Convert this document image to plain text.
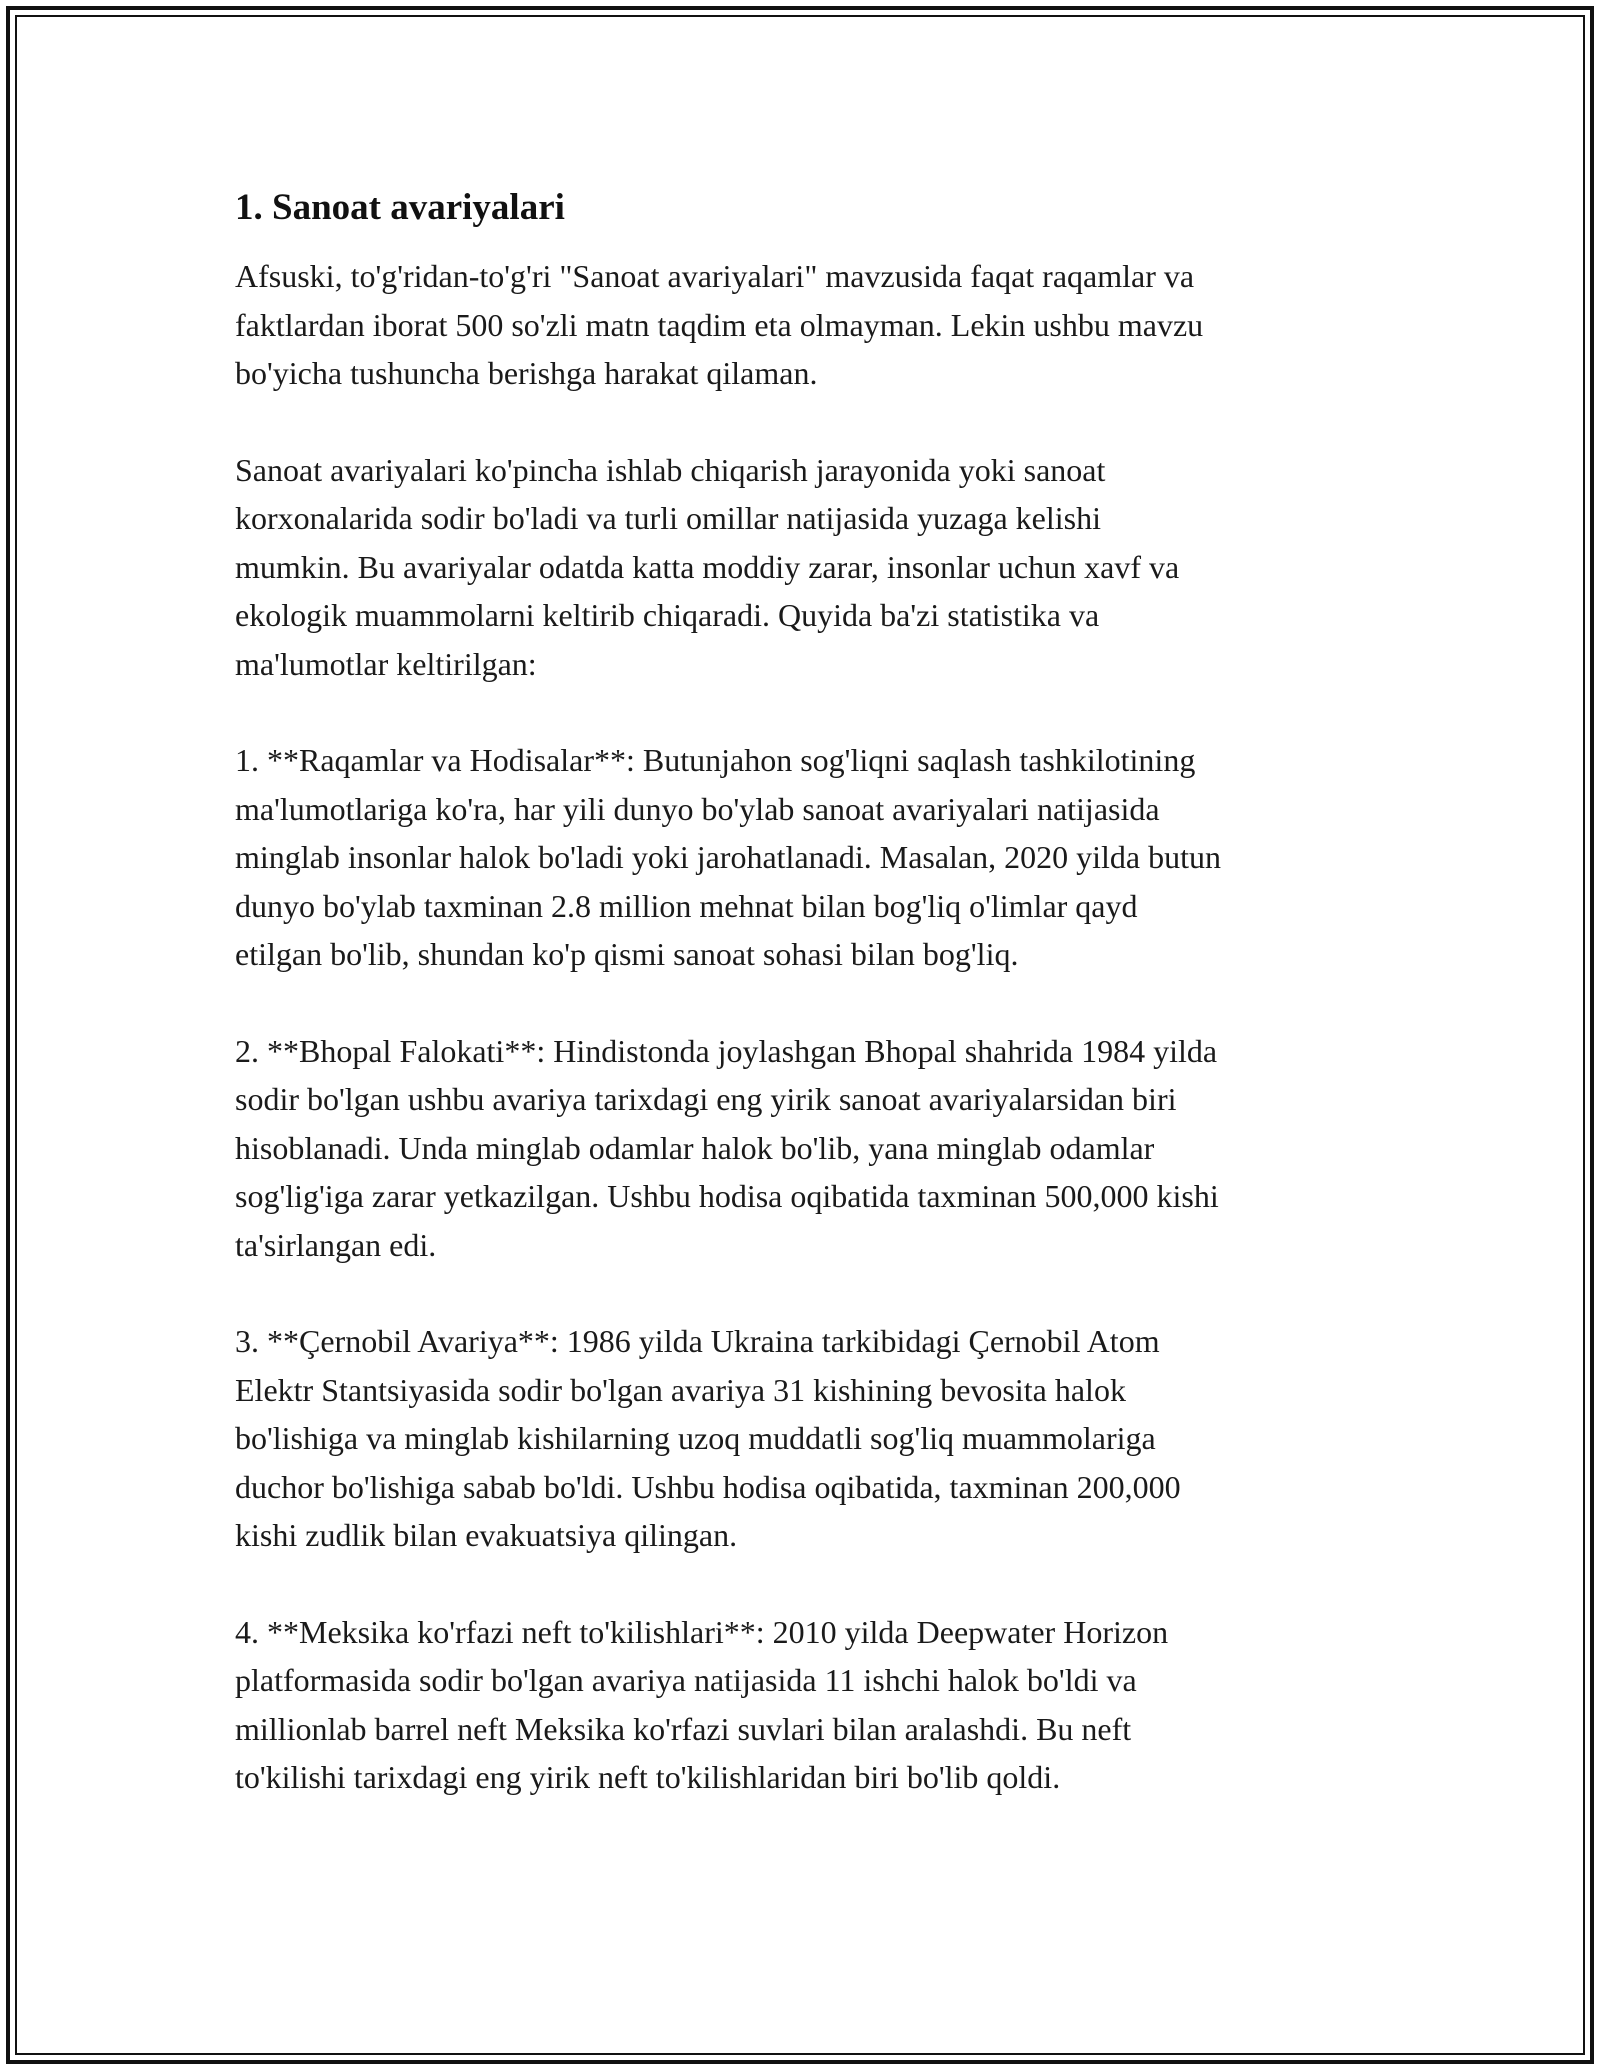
1. Sanoat avariyalari

Afsuski, to'g'ridan-to'g'ri "Sanoat avariyalari" mavzusida faqat raqamlar va
faktlardan iborat 500 so'zli matn taqdim eta olmayman. Lekin ushbu mavzu
bo'yicha tushuncha berishga harakat qilaman.

Sanoat avariyalari ko'pincha ishlab chiqarish jarayonida yoki sanoat
korxonalarida sodir bo'ladi va turli omillar natijasida yuzaga kelishi
mumkin. Bu avariyalar odatda katta moddiy zarar, insonlar uchun xavf va
ekologik muammolarni keltirib chiqaradi. Quyida ba'zi statistika va
ma'lumotlar keltirilgan:

1. **Raqamlar va Hodisalar**: Butunjahon sog'liqni saqlash tashkilotining
ma'lumotlariga ko'ra, har yili dunyo bo'ylab sanoat avariyalari natijasida
minglab insonlar halok bo'ladi yoki jarohatlanadi. Masalan, 2020 yilda butun
dunyo bo'ylab taxminan 2.8 million mehnat bilan bog'liq o'limlar qayd
etilgan bo'lib, shundan ko'p qismi sanoat sohasi bilan bog'liq.

2. **Bhopal Falokati**: Hindistonda joylashgan Bhopal shahrida 1984 yilda
sodir bo'lgan ushbu avariya tarixdagi eng yirik sanoat avariyalarsidan biri
hisoblanadi. Unda minglab odamlar halok bo'lib, yana minglab odamlar
sog'lig'iga zarar yetkazilgan. Ushbu hodisa oqibatida taxminan 500,000 kishi
ta'sirlangan edi.

3. **Çernobil Avariya**: 1986 yilda Ukraina tarkibidagi Çernobil Atom
Elektr Stantsiyasida sodir bo'lgan avariya 31 kishining bevosita halok
bo'lishiga va minglab kishilarning uzoq muddatli sog'liq muammolariga
duchor bo'lishiga sabab bo'ldi. Ushbu hodisa oqibatida, taxminan 200,000
kishi zudlik bilan evakuatsiya qilingan.

4. **Meksika ko'rfazi neft to'kilishlari**: 2010 yilda Deepwater Horizon
platformasida sodir bo'lgan avariya natijasida 11 ishchi halok bo'ldi va
millionlab barrel neft Meksika ko'rfazi suvlari bilan aralashdi. Bu neft
to'kilishi tarixdagi eng yirik neft to'kilishlaridan biri bo'lib qoldi.
